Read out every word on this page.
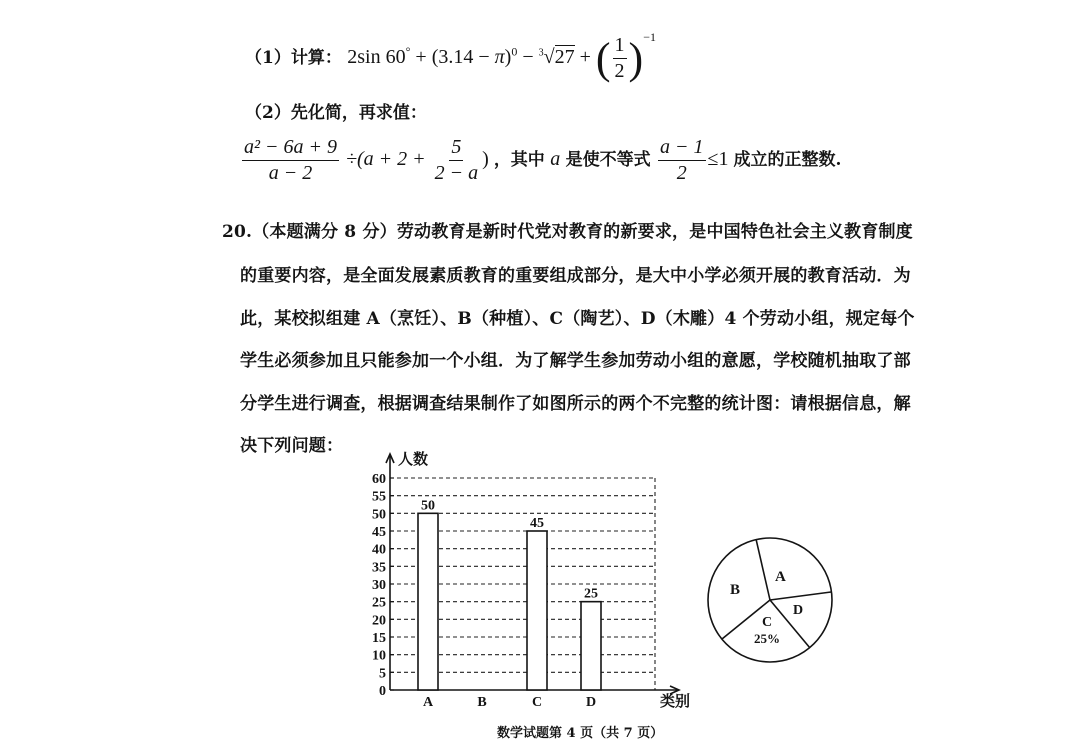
（1）计算： 2sin $60^\circ + (3.14 - \pi)^0 - ^3√27$ + ( $\frac{1}{2} )^{-1}$
（2）先化简，再求值：
$\frac{\text{a² − 6a + 9}}{a - 2} \div(a + 2 + \frac{5}{2 - a}$ ) ，其中 a 是使不等式 $\frac{a - 1}{2} \le 1$ 成立的正整数.
20.（本题满分 8 分）劳动教育是新时代党对教育的新要求，是中国特色社会主义教育制度
的重要内容，是全面发展素质教育的重要组成部分，是大中小学必须开展的教育活动．为
此，某校拟组建 A（烹饪）、B（种植）、C（陶艺）、D（木雕）4 个劳动小组，规定每个
学生必须参加且只能参加一个小组．为了解学生参加劳动小组的意愿，学校随机抽取了部
分学生进行调查，根据调查结果制作了如图所示的两个不完整的统计图：请根据信息，解
决下列问题：
0
5
10
15
20
25
30
35
40
45
50
55
60
50
A	B
45
C
25
D
人数
类别
A
B
C
D
25%
数学试题第 4 页（共 7 页）
